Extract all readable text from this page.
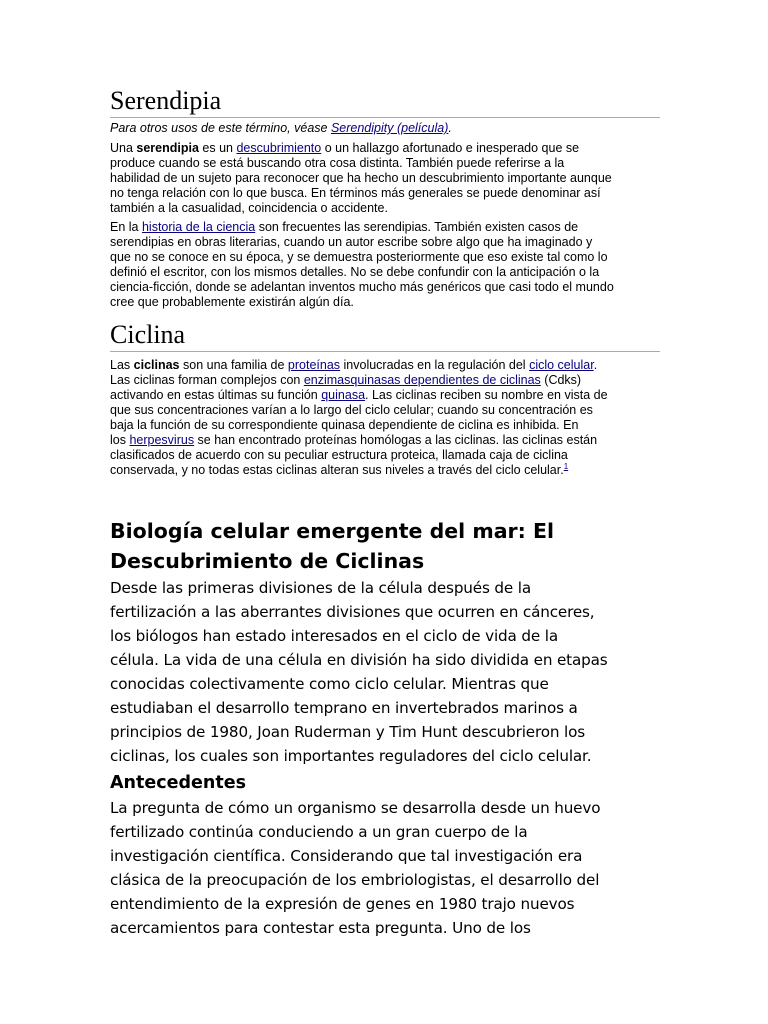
Serendipia
Para otros usos de este término, véase Serendipity (película).
Una serendipia es un descubrimiento o un hallazgo afortunado e inesperado que se
produce cuando se está buscando otra cosa distinta. También puede referirse a la
habilidad de un sujeto para reconocer que ha hecho un descubrimiento importante aunque
no tenga relación con lo que busca. En términos más generales se puede denominar así
también a la casualidad, coincidencia o accidente.
En la historia de la ciencia son frecuentes las serendipias. También existen casos de
serendipias en obras literarias, cuando un autor escribe sobre algo que ha imaginado y
que no se conoce en su época, y se demuestra posteriormente que eso existe tal como lo
definió el escritor, con los mismos detalles. No se debe confundir con la anticipación o la
ciencia-ficción, donde se adelantan inventos mucho más genéricos que casi todo el mundo
cree que probablemente existirán algún día.
Ciclina
Las ciclinas son una familia de proteínas involucradas en la regulación del ciclo celular.
Las ciclinas forman complejos con enzimasquinasas dependientes de ciclinas (Cdks)
activando en estas últimas su función quinasa. Las ciclinas reciben su nombre en vista de
que sus concentraciones varían a lo largo del ciclo celular; cuando su concentración es
baja la función de su correspondiente quinasa dependiente de ciclina es inhibida. En
los herpesvirus se han encontrado proteínas homólogas a las ciclinas. las ciclinas están
clasificados de acuerdo con su peculiar estructura proteica, llamada caja de ciclina
conservada, y no todas estas ciclinas alteran sus niveles a través del ciclo celular.$^1$
Biología celular emergente del mar: El
Descubrimiento de Ciclinas
Desde las primeras divisiones de la célula después de la
fertilización a las aberrantes divisiones que ocurren en cánceres,
los biólogos han estado interesados en el ciclo de vida de la
célula. La vida de una célula en división ha sido dividida en etapas
conocidas colectivamente como ciclo celular. Mientras que
estudiaban el desarrollo temprano en invertebrados marinos a
principios de 1980, Joan Ruderman y Tim Hunt descubrieron los
ciclinas, los cuales son importantes reguladores del ciclo celular.
Antecedentes
La pregunta de cómo un organismo se desarrolla desde un huevo
fertilizado continúa conduciendo a un gran cuerpo de la
investigación científica. Considerando que tal investigación era
clásica de la preocupación de los embriologistas, el desarrollo del
entendimiento de la expresión de genes en 1980 trajo nuevos
acercamientos para contestar esta pregunta. Uno de los
